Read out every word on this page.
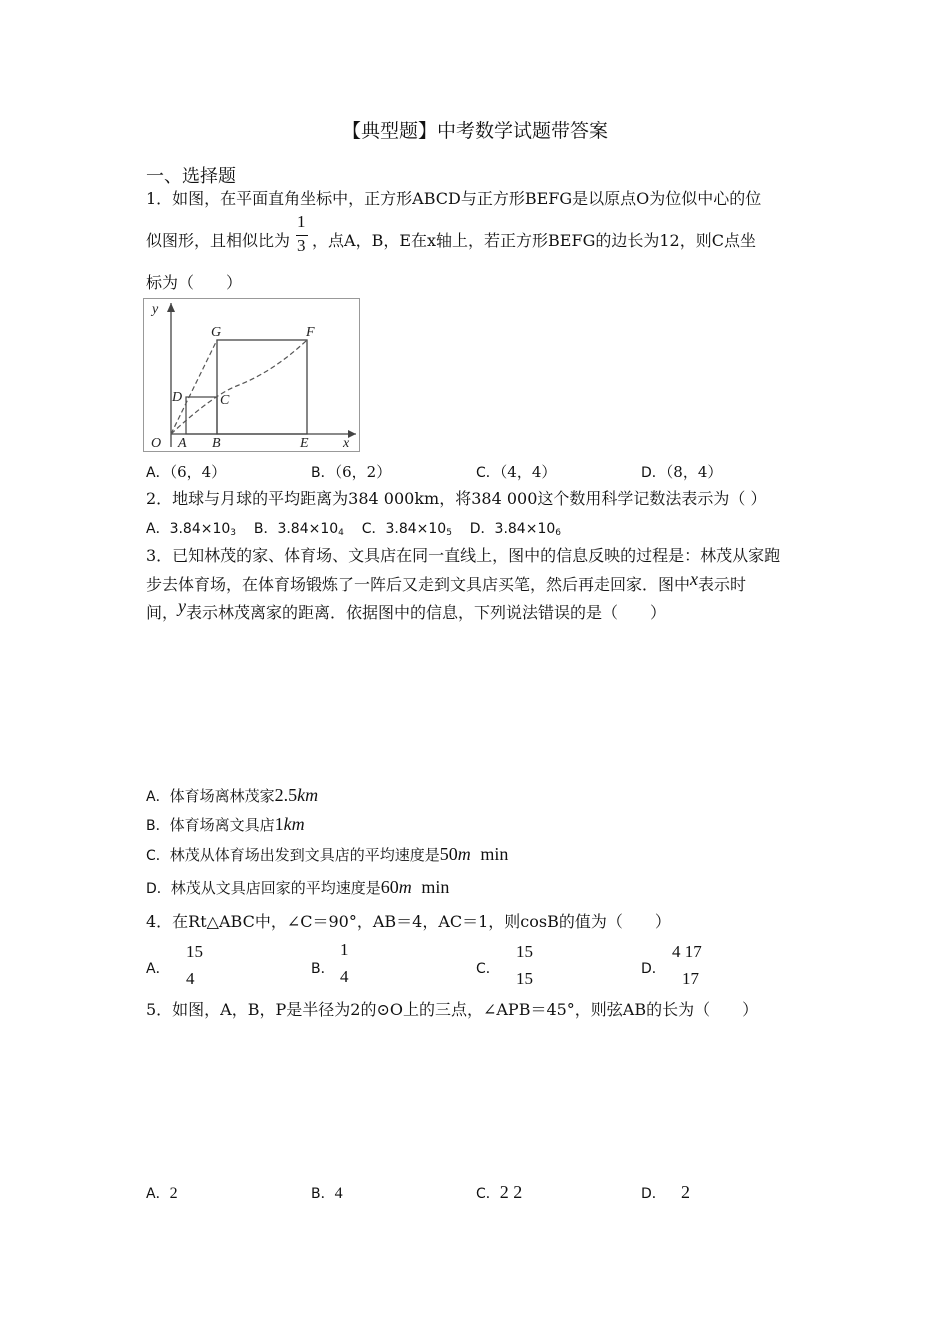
【典型题】中考数学试题带答案
一、选择题
1．如图，在平面直角坐标中，正方形ABCD与正方形BEFG是以原点O为位似中心的位
似图形，且相似比为 ，点A，B，E在x轴上，若正方形BEFG的边长为12，则C点坐
1
3
标为（　　）
y
x
O A B	E
D	C
G	F
A．（6，4）	B．（6，2）	C．（4，4）	D．（8，4）
2．地球与月球的平均距离为384 000km，将384 000这个数用科学记数法表示为（ ）
A．3.84×103 B．3.84×104 C．3.84×105 D．3.84×106
3．已知林茂的家、体育场、文具店在同一直线上，图中的信息反映的过程是：林茂从家跑
步去体育场，在体育场锻炼了一阵后又走到文具店买笔，然后再走回家．图中x表示时
间，y表示林茂离家的距离．依据图中的信息，下列说法错误的是（　　）
A．体育场离林茂家2.5km
B．体育场离文具店1km
C．林茂从体育场出发到文具店的平均速度是50m min
D．林茂从文具店回家的平均速度是60m min
4．在Rt△ABC中，∠C＝90°，AB＝4，AC＝1，则cosB的值为（　　）
A．
15
4	B．
1
4	C．
15
15	D．
4 17
17
5．如图，A，B，P是半径为2的⊙O上的三点，∠APB＝45°，则弦AB的长为（　　）
A．2	B．4	C．2 2	D． 2
